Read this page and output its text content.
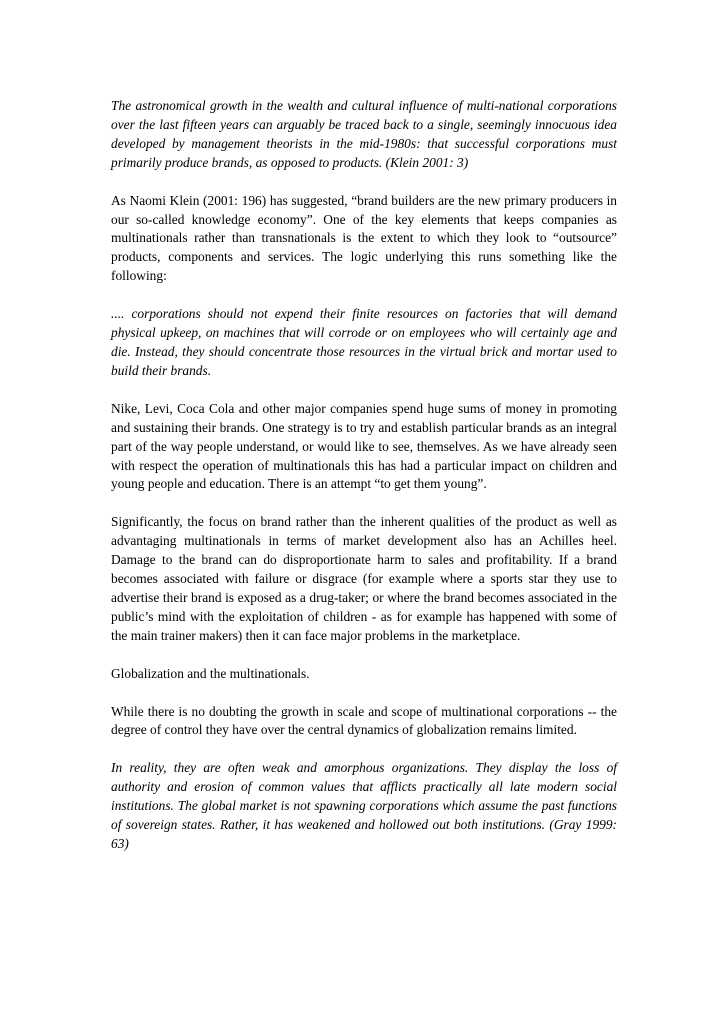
The astronomical growth in the wealth and cultural influence of multi-national corporations over the last fifteen years can arguably be traced back to a single, seemingly innocuous idea developed by management theorists in the mid-1980s: that successful corporations must primarily produce brands, as opposed to products. (Klein 2001: 3)

As Naomi Klein (2001: 196) has suggested, “brand builders are the new primary producers in our so-called knowledge economy”. One of the key elements that keeps companies as multinationals rather than transnationals is the extent to which they look to “outsource” products, components and services. The logic underlying this runs something like the following:

.... corporations should not expend their finite resources on factories that will demand physical upkeep, on machines that will corrode or on employees who will certainly age and die. Instead, they should concentrate those resources in the virtual brick and mortar used to build their brands.

Nike, Levi, Coca Cola and other major companies spend huge sums of money in promoting and sustaining their brands. One strategy is to try and establish particular brands as an integral part of the way people understand, or would like to see, themselves. As we have already seen with respect the operation of multinationals this has had a particular impact on children and young people and education. There is an attempt “to get them young”.

Significantly, the focus on brand rather than the inherent qualities of the product as well as advantaging multinationals in terms of market development also has an Achilles heel. Damage to the brand can do disproportionate harm to sales and profitability. If a brand becomes associated with failure or disgrace (for example where a sports star they use to advertise their brand is exposed as a drug-taker; or where the brand becomes associated in the public’s mind with the exploitation of children - as for example has happened with some of the main trainer makers) then it can face major problems in the marketplace.

Globalization and the multinationals.

While there is no doubting the growth in scale and scope of multinational corporations -- the degree of control they have over the central dynamics of globalization remains limited.

In reality, they are often weak and amorphous organizations. They display the loss of authority and erosion of common values that afflicts practically all late modern social institutions. The global market is not spawning corporations which assume the past functions of sovereign states. Rather, it has weakened and hollowed out both institutions. (Gray 1999: 63)
